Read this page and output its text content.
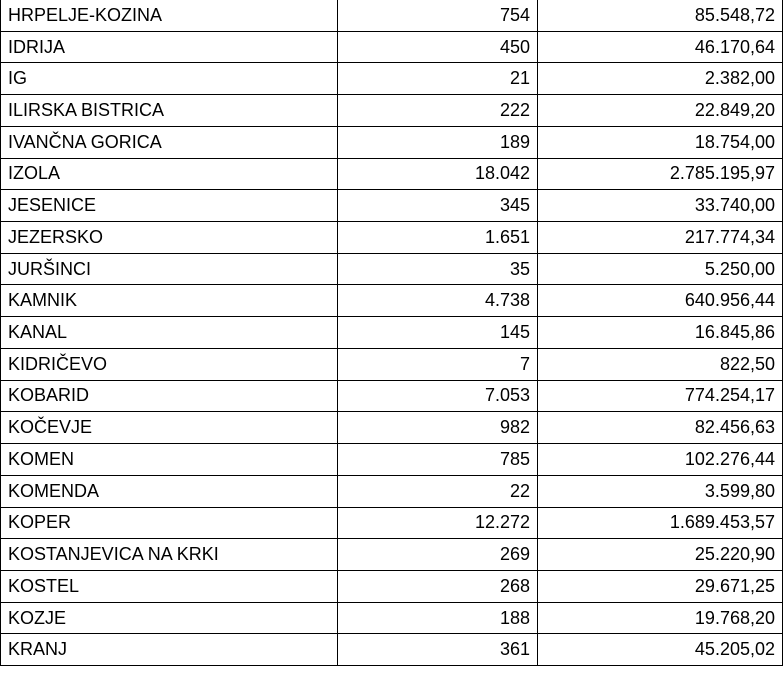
HRPELJE-KOZINA	754	85.548,72
IDRIJA	450	46.170,64
IG	21	2.382,00
ILIRSKA BISTRICA	222	22.849,20
IVANČNA GORICA	189	18.754,00
IZOLA	18.042	2.785.195,97
JESENICE	345	33.740,00
JEZERSKO	1.651	217.774,34
JURŠINCI	35	5.250,00
KAMNIK	4.738	640.956,44
KANAL	145	16.845,86
KIDRIČEVO	7	822,50
KOBARID	7.053	774.254,17
KOČEVJE	982	82.456,63
KOMEN	785	102.276,44
KOMENDA	22	3.599,80
KOPER	12.272	1.689.453,57
KOSTANJEVICA NA KRKI	269	25.220,90
KOSTEL	268	29.671,25
KOZJE	188	19.768,20
KRANJ	361	45.205,02
